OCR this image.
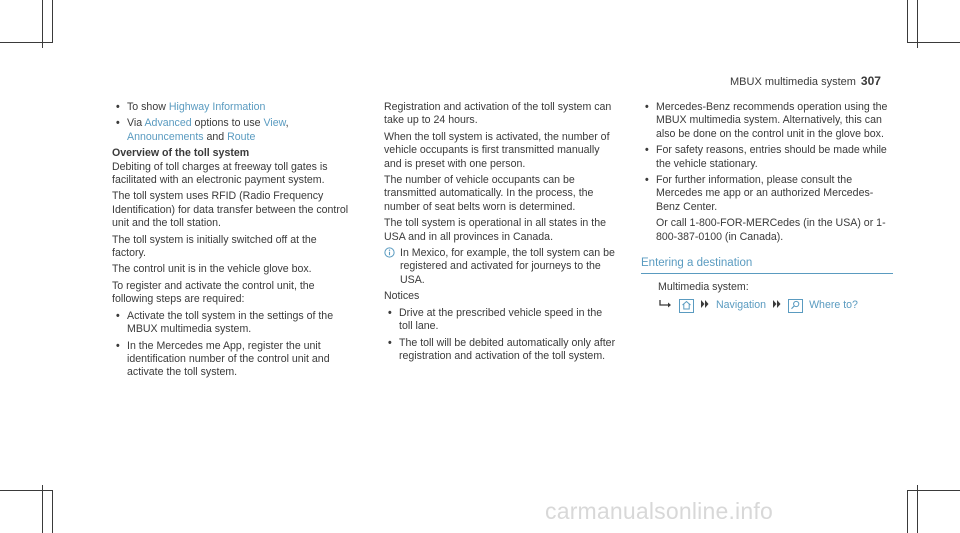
MBUX multimedia system 307
• To show Highway Information
• Via Advanced options to use View,
Announcements and Route
Overview of the toll system

Debiting of toll charges at freeway toll gates is facilitated with an electronic payment system.

The toll system uses RFID (Radio Frequency Identification) for data transfer between the control unit and the toll station.

The toll system is initially switched off at the factory.

The control unit is in the vehicle glove box.

To register and activate the control unit, the following steps are required:

• Activate the toll system in the settings of the MBUX multimedia system.
• In the Mercedes me App, register the unit identification number of the control unit and activate the toll system.

Registration and activation of the toll system can take up to 24 hours.

When the toll system is activated, the number of vehicle occupants is first transmitted manually and is preset with one person.

The number of vehicle occupants can be transmitted automatically. In the process, the number of seat belts worn is determined.

The toll system is operational in all states in the USA and in all provinces in Canada.

In Mexico, for example, the toll system can be registered and activated for journeys to the USA.

Notices

• Drive at the prescribed vehicle speed in the toll lane.
• The toll will be debited automatically only after registration and activation of the toll system.
• Mercedes-Benz recommends operation using the MBUX multimedia system. Alternatively, this can also be done on the control unit in the glove box.
• For safety reasons, entries should be made while the vehicle stationary.
• For further information, please consult the Mercedes me app or an authorized Mercedes-Benz Center.

Or call 1-800-FOR-MERCedes (in the USA) or 1-800-387-0100 (in Canada).

Entering a destination
Multimedia system:
Navigation	Where to?
carmanualsonline.info
